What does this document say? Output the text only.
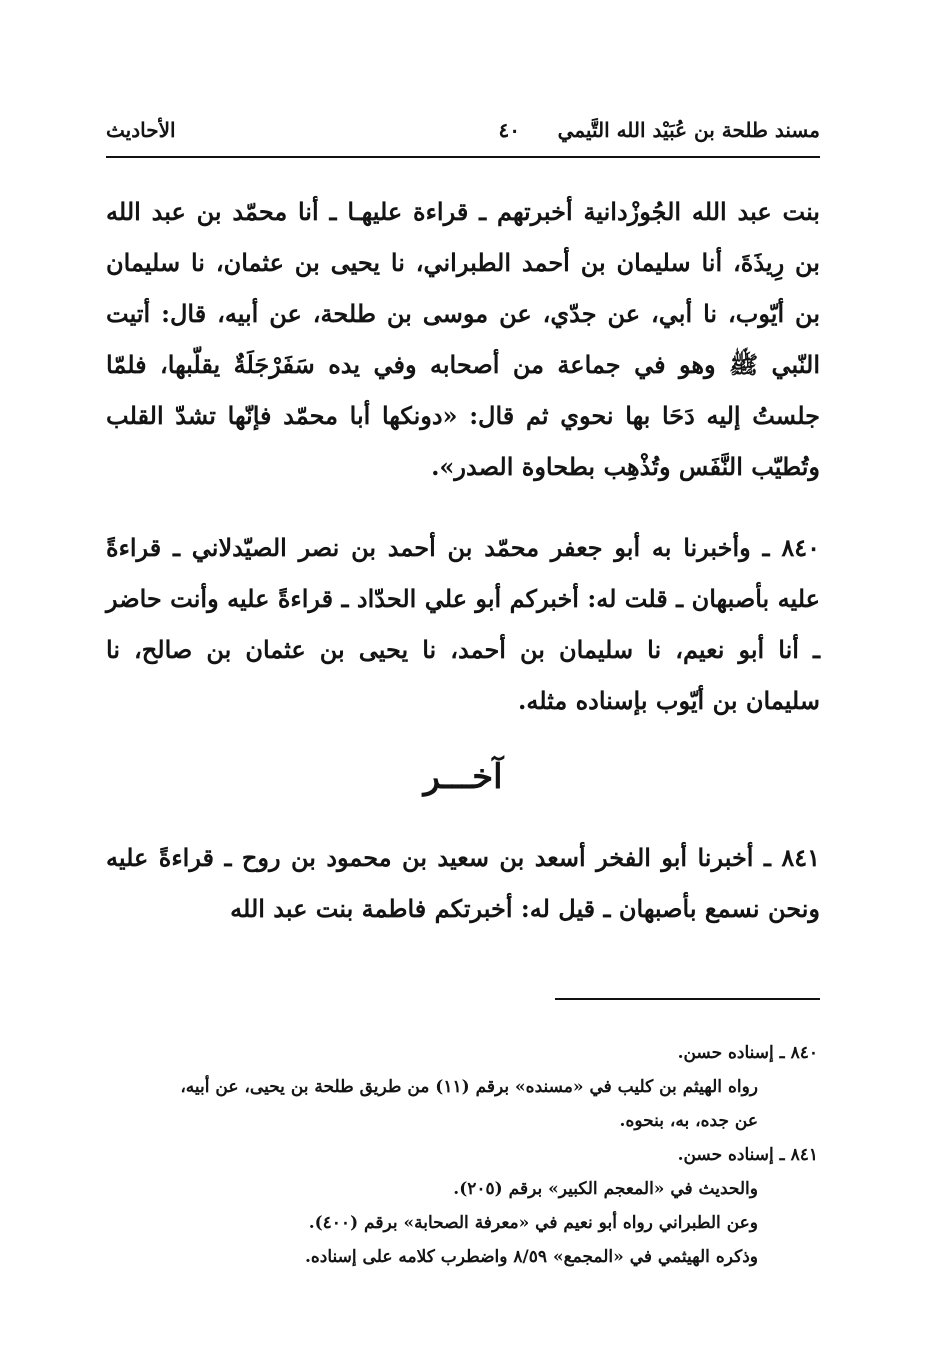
مسند طلحة بن عُبَيْد الله التَّيمي
٤٠
الأحاديث
بنت عبد الله الجُوزْدانية أخبرتهم ـ قراءة عليهـا ـ أنا محمّد بن عبد الله بن رِيذَةَ، أنا سليمان بن أحمد الطبراني، نا يحيى بن عثمان، نا سليمان بن أيّوب، نا أبي، عن جدّي، عن موسى بن طلحة، عن أبيه، قال: أتيت النّبي ﷺ وهو في جماعة من أصحابه وفي يده سَفَرْجَلَةٌ يقلّبها، فلمّا جلستُ إليه دَحَا بها نحوي ثم قال: «دونكها أبا محمّد فإنّها تشدّ القلب وتُطيّب النَّفَس وتُذْهِب بطحاوة الصدر».
٨٤٠ ـ وأخبرنا به أبو جعفر محمّد بن أحمد بن نصر الصيّدلاني ـ قراءةً عليه بأصبهان ـ قلت له: أخبركم أبو علي الحدّاد ـ قراءةً عليه وأنت حاضر ـ أنا أبو نعيم، نا سليمان بن أحمد، نا يحيى بن عثمان بن صالح، نا سليمان بن أيّوب بإسناده مثله.
آخـــر
٨٤١ ـ أخبرنا أبو الفخر أسعد بن سعيد بن محمود بن روح ـ قراءةً عليه ونحن نسمع بأصبهان ـ قيل له: أخبرتكم فاطمة بنت عبد الله

٨٤٠ ـ إسناده حسن.

رواه الهيثم بن كليب في «مسنده» برقم (١١) من طريق طلحة بن يحيى، عن أبيه،

عن جده، به، بنحوه.

٨٤١ ـ إسناده حسن.

والحديث في «المعجم الكبير» برقم (٢٠٥).

وعن الطبراني رواه أبو نعيم في «معرفة الصحابة» برقم (٤٠٠).

وذكره الهيثمي في «المجمع» ٨/٥٩ واضطرب كلامه على إسناده.
